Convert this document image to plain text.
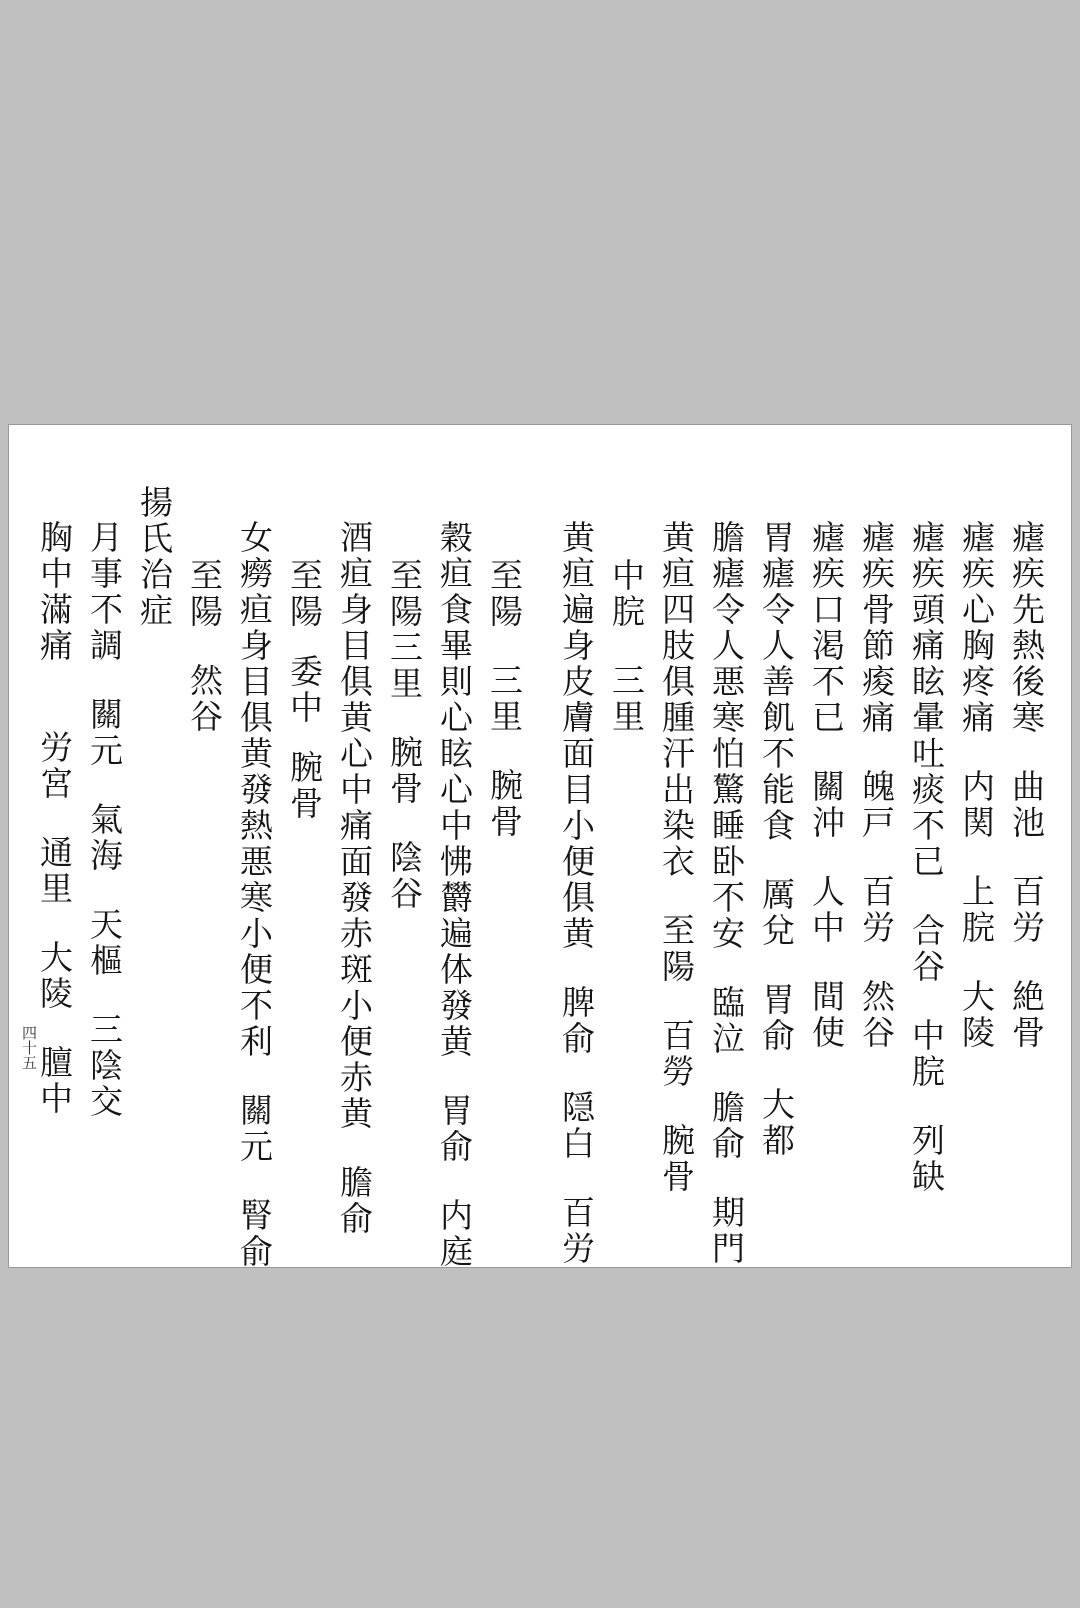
瘧疾先熱後寒曲池百労絶骨
瘧疾心胸疼痛内関上脘大陵
瘧疾頭痛眩暈吐痰不已合谷中脘列缺
瘧疾骨節痠痛魄戸百労然谷
瘧疾口渇不已關沖人中間使
胃瘧令人善飢不能食厲兌胃俞大都
膽瘧令人悪寒怕驚睡卧不安臨泣膽俞期門
黄疸四肢俱腫汗出染衣至陽百勞腕骨
中脘三里
黄疸遍身皮膚面目小便俱黄脾俞隠白百労
至陽三里腕骨
穀疸食畢則心眩心中怫欝遍体發黄胃俞内庭
至陽三里腕骨陰谷
酒疸身目俱黄心中痛面發赤斑小便赤黄膽俞
至陽委中腕骨
女癆疸身目俱黄發熱悪寒小便不利關元腎俞
至陽然谷
揚氏治症
月事不調關元氣海天樞三陰交
胸中滿痛労宮通里大陵膻中
四十五
